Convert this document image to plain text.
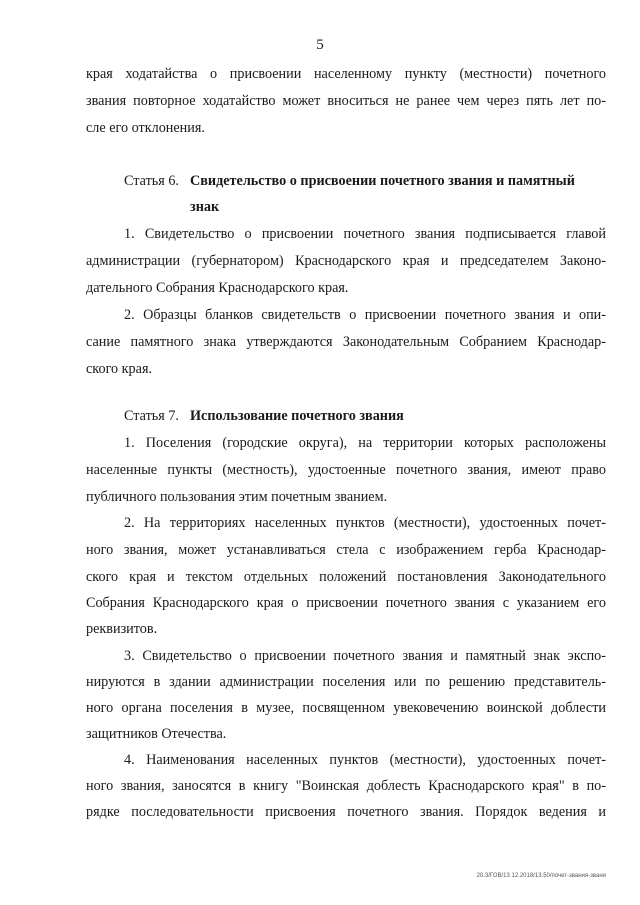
5
края ходатайства о присвоении населенному пункту (местности) почетного
звания повторное ходатайство может вноситься не ранее чем через пять лет по-
сле его отклонения.
Статья 6. Свидетельство о присвоении почетного звания и памятный
знак
1. Свидетельство о присвоении почетного звания подписывается главой
администрации (губернатором) Краснодарского края и председателем Законо-
дательного Собрания Краснодарского края.
2. Образцы бланков свидетельств о присвоении почетного звания и опи-
сание памятного знака утверждаются Законодательным Собранием Краснодар-
ского края.
Статья 7. Использование почетного звания
1. Поселения (городские округа), на территории которых расположены
населенные пункты (местность), удостоенные почетного звания, имеют право
публичного пользования этим почетным званием.
2. На территориях населенных пунктов (местности), удостоенных почет-
ного звания, может устанавливаться стела с изображением герба Краснодар-
ского края и текстом отдельных положений постановления Законодательного
Собрания Краснодарского края о присвоении почетного звания с указанием его
реквизитов.
3. Свидетельство о присвоении почетного звания и памятный знак экспо-
нируются в здании администрации поселения или по решению представитель-
ного органа поселения в музее, посвященном увековечению воинской доблести
защитников Отечества.
4. Наименования населенных пунктов (местности), удостоенных почет-
ного звания, заносятся в книгу "Воинская доблесть Краснодарского края" в по-
рядке последовательности присвоения почетного звания. Порядок ведения и
20.3/ГОВ/13 12.2018/13.50/почет-звания-звани
